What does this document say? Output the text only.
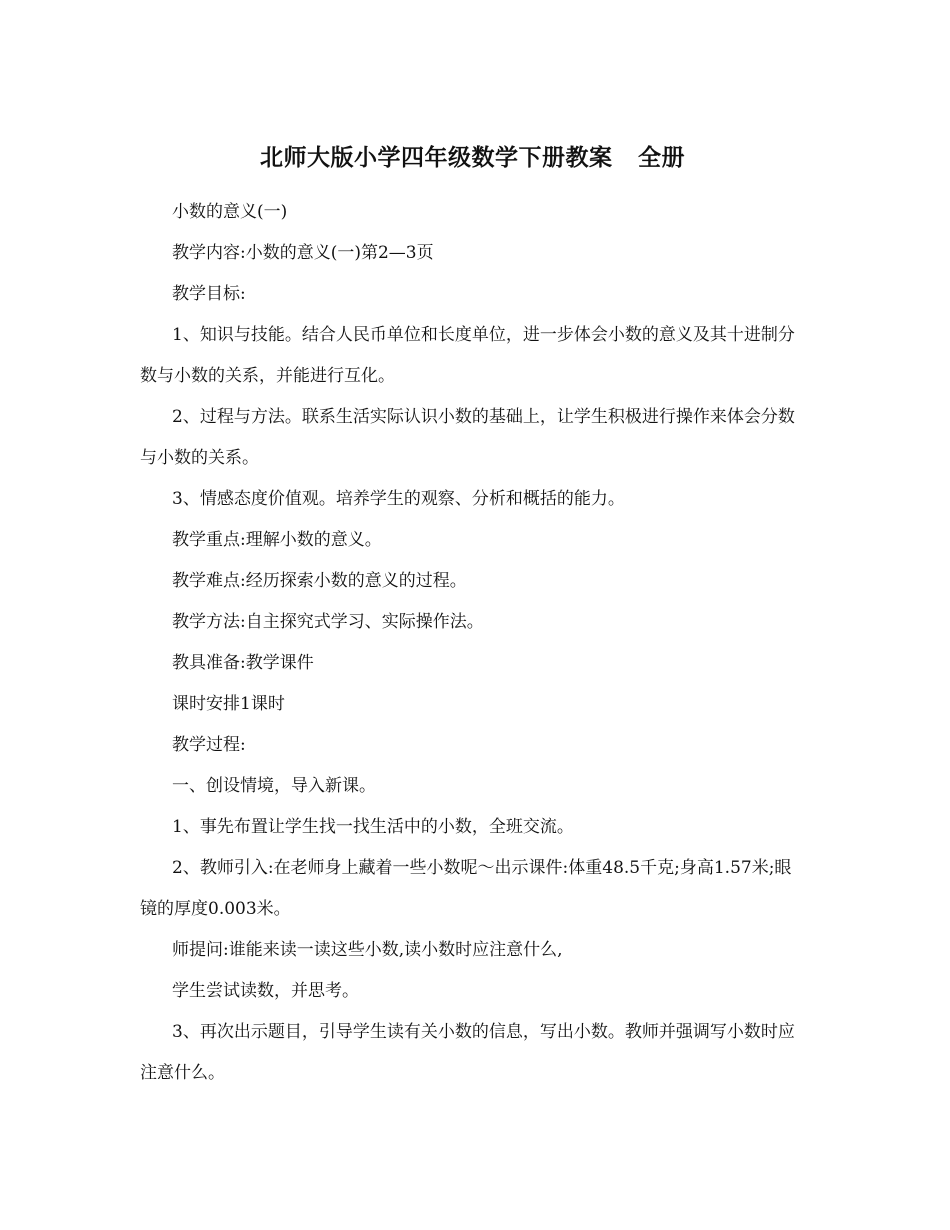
北师大版小学四年级数学下册教案   全册

小数的意义(一)

教学内容:小数的意义(一)第2—3页

教学目标:

1、知识与技能。结合人民币单位和长度单位，进一步体会小数的意义及其十进制分数与小数的关系，并能进行互化。

2、过程与方法。联系生活实际认识小数的基础上，让学生积极进行操作来体会分数与小数的关系。

3、情感态度价值观。培养学生的观察、分析和概括的能力。

教学重点:理解小数的意义。

教学难点:经历探索小数的意义的过程。

教学方法:自主探究式学习、实际操作法。

教具准备:教学课件

课时安排1课时

教学过程:

一、创设情境，导入新课。

1、事先布置让学生找一找生活中的小数，全班交流。

2、教师引入:在老师身上藏着一些小数呢～出示课件:体重48.5千克;身高1.57米;眼镜的厚度0.003米。

师提问:谁能来读一读这些小数,读小数时应注意什么,

学生尝试读数，并思考。

3、再次出示题目，引导学生读有关小数的信息，写出小数。教师并强调写小数时应注意什么。
